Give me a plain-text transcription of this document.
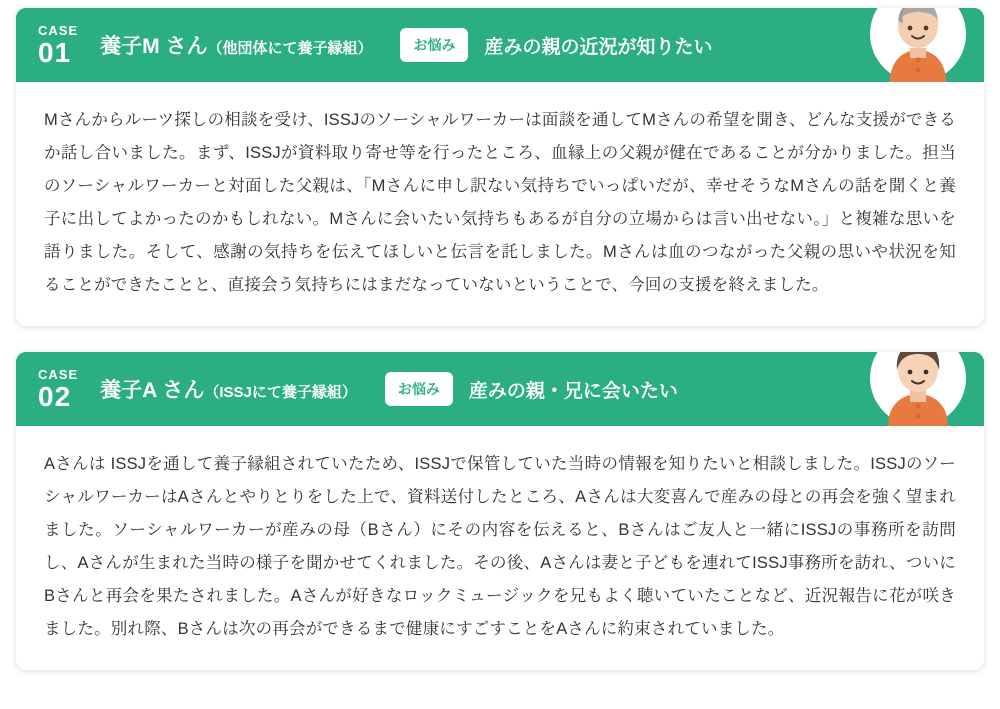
CASE
01	養子M さん（他団体にて養子縁組）	お悩み	産みの親の近況が知りたい
Mさんからルーツ探しの相談を受け、ISSJのソーシャルワーカーは面談を通してMさんの希望を聞き、どんな支援ができるか話し合いました。まず、ISSJが資料取り寄せ等を行ったところ、血縁上の父親が健在であることが分かりました。担当のソーシャルワーカーと対面した父親は、「Mさんに申し訳ない気持ちでいっぱいだが、幸せそうなMさんの話を聞くと養子に出してよかったのかもしれない。Mさんに会いたい気持ちもあるが自分の立場からは言い出せない。」と複雑な思いを語りました。そして、感謝の気持ちを伝えてほしいと伝言を託しました。Mさんは血のつながった父親の思いや状況を知ることができたことと、直接会う気持ちにはまだなっていないということで、今回の支援を終えました。
CASE
02	養子A さん（ISSJにて養子縁組）	お悩み	産みの親・兄に会いたい
Aさんは ISSJを通して養子縁組されていたため、ISSJで保管していた当時の情報を知りたいと相談しました。ISSJのソーシャルワーカーはAさんとやりとりをした上で、資料送付したところ、Aさんは大変喜んで産みの母との再会を強く望まれました。ソーシャルワーカーが産みの母（Bさん）にその内容を伝えると、Bさんはご友人と一緒にISSJの事務所を訪問し、Aさんが生まれた当時の様子を聞かせてくれました。その後、Aさんは妻と子どもを連れてISSJ事務所を訪れ、ついにBさんと再会を果たされました。Aさんが好きなロックミュージックを兄もよく聴いていたことなど、近況報告に花が咲きました。別れ際、Bさんは次の再会ができるまで健康にすごすことをAさんに約束されていました。
